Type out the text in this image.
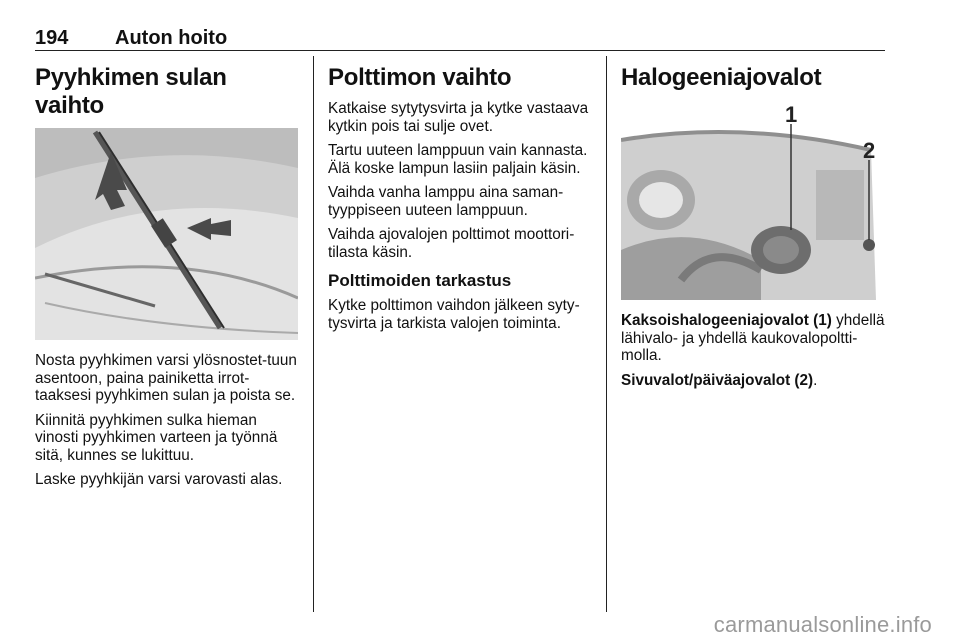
194 Auton hoito
Pyyhkimen sulan vaihto

Nosta pyyhkimen varsi ylösnostet-tuun asentoon, paina painiketta irrot-taaksesi pyyhkimen sulan ja poista se.

Kiinnitä pyyhkimen sulka hieman vinosti pyyhkimen varteen ja työnnä sitä, kunnes se lukittuu.

Laske pyyhkijän varsi varovasti alas.

Polttimon vaihto

Katkaise sytytysvirta ja kytke vastaava kytkin pois tai sulje ovet.

Tartu uuteen lamppuun vain kannasta. Älä koske lampun lasiin paljain käsin.

Vaihda vanha lamppu aina saman-tyyppiseen uuteen lamppuun.

Vaihda ajovalojen polttimot moottori-tilasta käsin.

Polttimoiden tarkastus

Kytke polttimon vaihdon jälkeen syty-tysvirta ja tarkista valojen toiminta.

Halogeeniajovalot
1
2

Kaksoishalogeeniajovalot (1) yhdellä lähivalo- ja yhdellä kaukovalopoltti-molla.

Sivuvalot/päiväajovalot (2).

carmanualsonline.info
